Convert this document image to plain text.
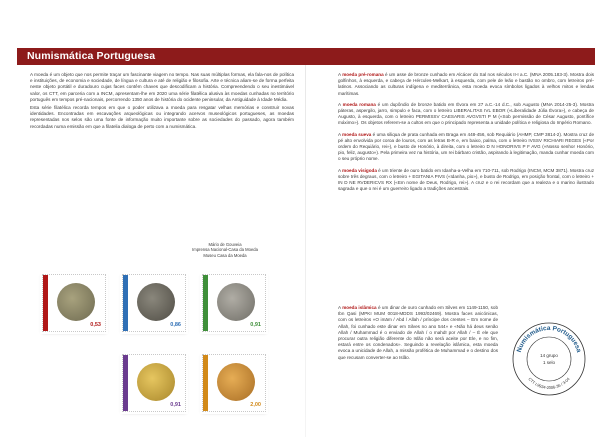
Numismática Portuguesa

A moeda é um objeto que nos permite traçar um fascinante viagem no tempo. Nas suas múltiplas formas, ela fala-nos de política e instituições, de economia e sociedade, de língua e cultura e até de religião e filosofia. Arte e técnica aliam-se de forma perfeita neste objeto portátil e duradouro cujas faces contêm chaves que descodificam a história. Compreendendo o seu inestimável valor, os CTT, em parceria com a INCM, apresentam-lhe em 2020 uma série filatélica alusiva às moedas cunhadas no território português em tempos pré-nacionais, percorrendo 1350 anos de história do ocidente peninsular, da Antiguidade à Idade Média.

Esta série filatélica recorda tempos em que o poder utilizava a moeda para resgatar velhas memórias e construir novas identidades. Encontradas em escavações arqueológicas ou integrando acervos museológicos portugueses, as moedas representadas nos selos são uma fonte de informação muito importante sobre as sociedades do passado, agora também recordadas numa emissão em que a filatelia dialoga de perto com a numismática.

Mário de Gouveia
Imprensa Nacional-Casa da Moeda
Museu Casa da Moeda
0,53	0,86	0,91
0,91	2,00

A moeda pré-romana é um asse de bronze cunhado em Alcácer do Sal nos séculos II-I a.C. (MNA 2005.183-3). Mostra dois golfinhos, à esquerda, e cabeça de Hércules-Melkart, à esquerda, com pele de leão e bastão no ombro, com letreiros pré-latinos. Associando as culturas indígena e mediterrânica, esta moeda evoca símbolos ligados à velhos mitos e lendas marítimas.

A moeda romana é um dupôndio de bronze batido em Évora em 27 a.C.-14 d.C., sob Augusto (MNA 2014-25-3). Mostra páteras, aspergilo, jarro, simpulo e faca, com o letreiro LIBERALITAS IVL EBOR («Liberalidade Júlia Évora»), e cabeça de Augusto, à esquerda, com o letreiro PERMISSV CAESARIS AVGVSTI P M («Sob permissão de César Augusto, pontífice máximo»). Os objetos referem-se a cultos em que o principado representa a unidade política e religiosa do Império Romano.

A moeda sueva é uma siliqua de prata cunhada em Braga em 448-456, sob Requiário (AHMP, CMP 3814-2). Mostra cruz de pé alto envolvida por coroa de louros, com as letras B-R e, em baixo, palma, com o letreiro IVSSV RICHIARI REGES («Por ordem do Requiário, rei»), e busto de Honório, à direita, com o letreiro D N HONORIVS P F AVG («Nosso senhor Honório, pio, feliz, augusto»). Pela primeira vez na história, um rei bárbaro cristão, aspirando à legitimação, manda cunhar moeda com o seu próprio nome.

A moeda visigoda é um triente de ouro batido em Idanha-a-Velha em 710-711, sob Rodrigo (INCM, MCM 3871). Mostra cruz sobre três degraus, com o letreiro + EGITANIA PIVS («Idanha, pio»), e busto de Rodrigo, em posição frontal, com o letreiro + IN D NE RVDERICVS RX («Em nome de Deus, Rodrigo, rei»). A cruz e o rei recordam que a realeza e o marino ilustrado sagrada e que o rei é um guerreiro ligado a tradições ancestrais.

A moeda islâmica é um dinar de ouro cunhado em Silves em 1149-1150, sob Ibn Qasi (MPKI MUM 0018-MDDS 1993/02469). Mostra faces anicónicas, com os letreiros «O imām / Abd / Allah / príncipe dos crentes – Em nome de Allah, foi cunhado este dinar em Silves no ano 544» e «Não há deus senão Allah / Muhammad é o enviado de Allah / o mahdī por Allah / – É ele que procurar outra religião diferente do Islão não será aceite por Ele, e no fim, estará entre os condenados». Seguindo a revelação islâmica, esta moeda evoca a unicidade de Allah, a missão profética de Muhammad e o destino dos que recusam converter-se ao Islão.
Numismática Portuguesa
CTT I.9934-2006-36 / 3-04
14 grupo
1 selo
